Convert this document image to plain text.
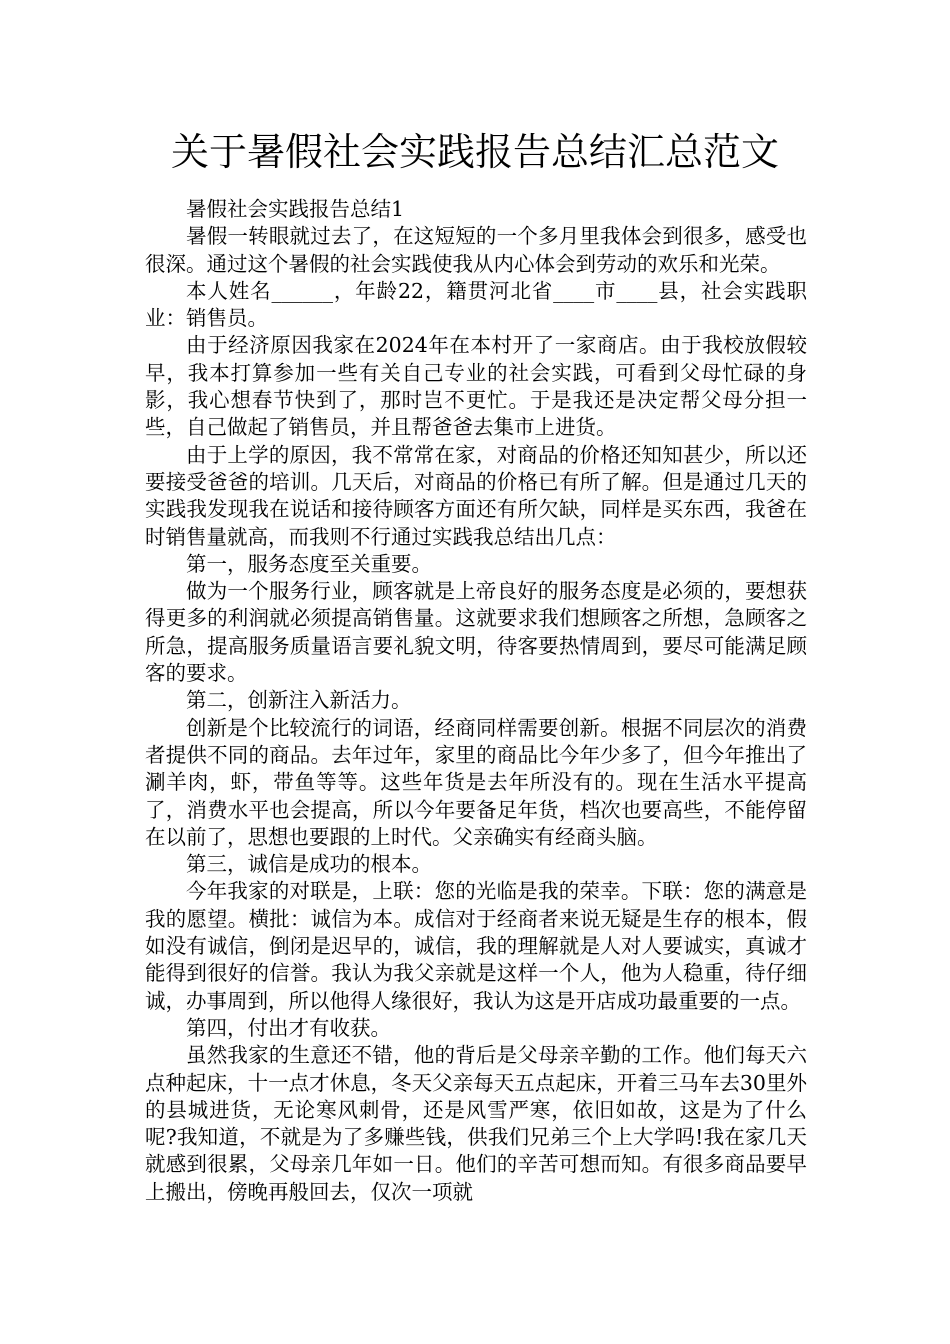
关于暑假社会实践报告总结汇总范文

暑假社会实践报告总结1

暑假一转眼就过去了，在这短短的一个多月里我体会到很多，感受也很深。通过这个暑假的社会实践使我从内心体会到劳动的欢乐和光荣。

本人姓名______，年龄22，籍贯河北省____市____县，社会实践职业：销售员。

由于经济原因我家在2024年在本村开了一家商店。由于我校放假较早，我本打算参加一些有关自己专业的社会实践，可看到父母忙碌的身影，我心想春节快到了，那时岂不更忙。于是我还是决定帮父母分担一些，自己做起了销售员，并且帮爸爸去集市上进货。

由于上学的原因，我不常常在家，对商品的价格还知知甚少，所以还要接受爸爸的培训。几天后，对商品的价格已有所了解。但是通过几天的实践我发现我在说话和接待顾客方面还有所欠缺，同样是买东西，我爸在时销售量就高，而我则不行通过实践我总结出几点：

第一，服务态度至关重要。

做为一个服务行业，顾客就是上帝良好的服务态度是必须的，要想获得更多的利润就必须提高销售量。这就要求我们想顾客之所想，急顾客之所急，提高服务质量语言要礼貌文明，待客要热情周到，要尽可能满足顾客的要求。

第二，创新注入新活力。

创新是个比较流行的词语，经商同样需要创新。根据不同层次的消费者提供不同的商品。去年过年，家里的商品比今年少多了，但今年推出了涮羊肉，虾，带鱼等等。这些年货是去年所没有的。现在生活水平提高了，消费水平也会提高，所以今年要备足年货，档次也要高些，不能停留在以前了，思想也要跟的上时代。父亲确实有经商头脑。

第三，诚信是成功的根本。

今年我家的对联是，上联：您的光临是我的荣幸。下联：您的满意是我的愿望。横批：诚信为本。成信对于经商者来说无疑是生存的根本，假如没有诚信，倒闭是迟早的，诚信，我的理解就是人对人要诚实，真诚才能得到很好的信誉。我认为我父亲就是这样一个人，他为人稳重，待仔细诚，办事周到，所以他得人缘很好，我认为这是开店成功最重要的一点。

第四，付出才有收获。

虽然我家的生意还不错，他的背后是父母亲辛勤的工作。他们每天六点种起床，十一点才休息，冬天父亲每天五点起床，开着三马车去30里外的县城进货，无论寒风刺骨，还是风雪严寒，依旧如故，这是为了什么呢?我知道，不就是为了多赚些钱，供我们兄弟三个上大学吗!我在家几天就感到很累，父母亲几年如一日。他们的辛苦可想而知。有很多商品要早上搬出，傍晚再般回去，仅次一项就
